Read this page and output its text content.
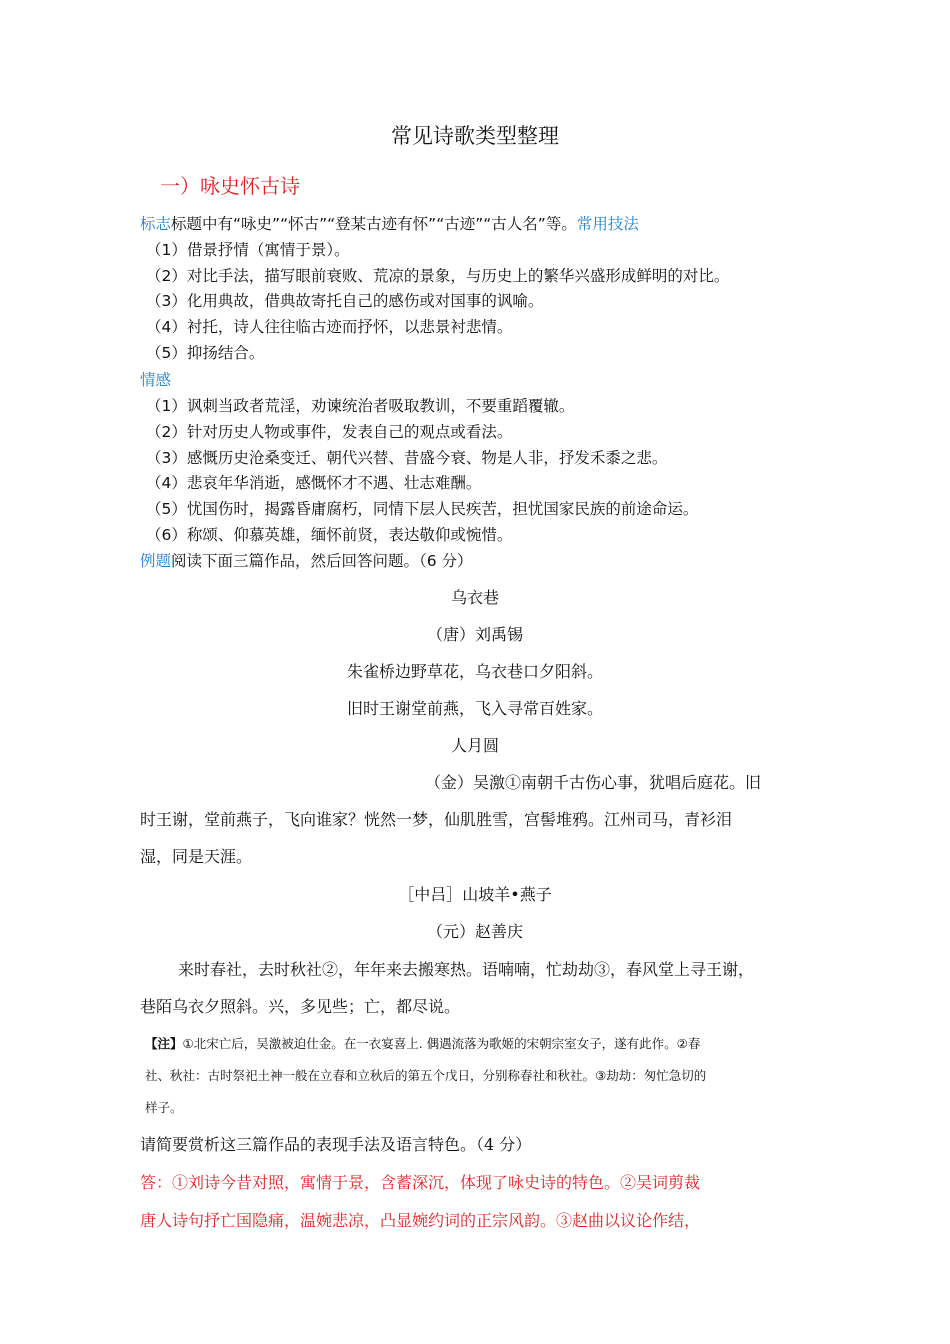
常见诗歌类型整理
一）咏史怀古诗
标志标题中有“咏史”“怀古”“登某古迹有怀”“古迹”“古人名”等。常用技法
（1）借景抒情（寓情于景）。
（2）对比手法，描写眼前衰败、荒凉的景象，与历史上的繁华兴盛形成鲜明的对比。
（3）化用典故，借典故寄托自己的感伤或对国事的讽喻。
（4）衬托，诗人往往临古迹而抒怀，以悲景衬悲情。
（5）抑扬结合。
情感
（1）讽刺当政者荒淫，劝谏统治者吸取教训，不要重蹈覆辙。
（2）针对历史人物或事件，发表自己的观点或看法。
（3）感慨历史沧桑变迁、朝代兴替、昔盛今衰、物是人非，抒发禾黍之悲。
（4）悲哀年华消逝，感慨怀才不遇、壮志难酬。
（5）忧国伤时，揭露昏庸腐朽，同情下层人民疾苦，担忧国家民族的前途命运。
（6）称颂、仰慕英雄，缅怀前贤，表达敬仰或惋惜。
例题阅读下面三篇作品，然后回答问题。（6 分）
乌衣巷
（唐）刘禹锡
朱雀桥边野草花，乌衣巷口夕阳斜。
旧时王谢堂前燕，飞入寻常百姓家。
人月圆
（金）吴激①南朝千古伤心事，犹唱后庭花。旧
时王谢，堂前燕子，飞向谁家？恍然一梦，仙肌胜雪，宫髻堆鸦。江州司马，青衫泪
湿，同是天涯。
［中吕］山坡羊•燕子
（元）赵善庆
来时春社，去时秋社②，年年来去搬寒热。语喃喃，忙劫劫③，春风堂上寻王谢，
巷陌乌衣夕照斜。兴，多见些；亡，都尽说。
【注】①北宋亡后，吴激被迫仕金。在一衣宴喜上. 偶遇流落为歌姬的宋朝宗室女子，遂有此作。②春
社、秋社：古时祭祀土神一般在立春和立秋后的第五个戊日，分别称春社和秋社。③劫劫：匆忙急切的
样子。
请简要赏析这三篇作品的表现手法及语言特色。（4 分）
答：①刘诗今昔对照，寓情于景，含蓄深沉，体现了咏史诗的特色。②吴词剪裁
唐人诗句抒亡国隐痛，温婉悲凉，凸显婉约词的正宗风韵。③赵曲以议论作结，
